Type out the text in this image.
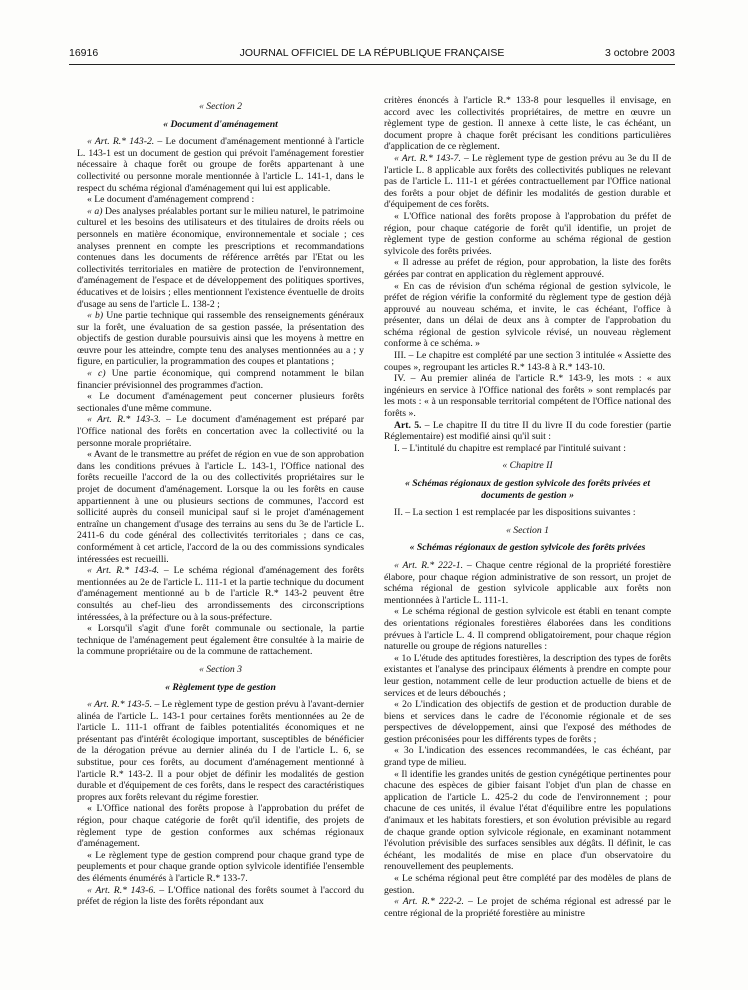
16916	JOURNAL OFFICIEL DE LA RÉPUBLIQUE FRANÇAISE	3 octobre 2003

« Section 2

« Document d'aménagement

« Art. R.* 143-2. – Le document d'aménagement mentionné à l'article L. 143-1 est un document de gestion qui prévoit l'aménagement forestier nécessaire à chaque forêt ou groupe de forêts appartenant à une collectivité ou personne morale mentionnée à l'article L. 141-1, dans le respect du schéma régional d'aménagement qui lui est applicable.

« Le document d'aménagement comprend :

« a) Des analyses préalables portant sur le milieu naturel, le patrimoine culturel et les besoins des utilisateurs et des titulaires de droits réels ou personnels en matière économique, environnementale et sociale ; ces analyses prennent en compte les prescriptions et recommandations contenues dans les documents de référence arrêtés par l'Etat ou les collectivités territoriales en matière de protection de l'environnement, d'aménagement de l'espace et de développement des politiques sportives, éducatives et de loisirs ; elles mentionnent l'existence éventuelle de droits d'usage au sens de l'article L. 138-2 ;

« b) Une partie technique qui rassemble des renseignements généraux sur la forêt, une évaluation de sa gestion passée, la présentation des objectifs de gestion durable poursuivis ainsi que les moyens à mettre en œuvre pour les atteindre, compte tenu des analyses mentionnées au a ; y figure, en particulier, la programmation des coupes et plantations ;

« c) Une partie économique, qui comprend notamment le bilan financier prévisionnel des programmes d'action.

« Le document d'aménagement peut concerner plusieurs forêts sectionales d'une même commune.

« Art. R.* 143-3. – Le document d'aménagement est préparé par l'Office national des forêts en concertation avec la collectivité ou la personne morale propriétaire.

« Avant de le transmettre au préfet de région en vue de son approbation dans les conditions prévues à l'article L. 143-1, l'Office national des forêts recueille l'accord de la ou des collectivités propriétaires sur le projet de document d'aménagement. Lorsque la ou les forêts en cause appartiennent à une ou plusieurs sections de communes, l'accord est sollicité auprès du conseil municipal sauf si le projet d'aménagement entraîne un changement d'usage des terrains au sens du 3e de l'article L. 2411-6 du code général des collectivités territoriales ; dans ce cas, conformément à cet article, l'accord de la ou des commissions syndicales intéressées est recueilli.

« Art. R.* 143-4. – Le schéma régional d'aménagement des forêts mentionnées au 2e de l'article L. 111-1 et la partie technique du document d'aménagement mentionné au b de l'article R.* 143-2 peuvent être consultés au chef-lieu des arrondissements des circonscriptions intéressées, à la préfecture ou à la sous-préfecture.

« Lorsqu'il s'agit d'une forêt communale ou sectionale, la partie technique de l'aménagement peut également être consultée à la mairie de la commune propriétaire ou de la commune de rattachement.

« Section 3

« Règlement type de gestion

« Art. R.* 143-5. – Le règlement type de gestion prévu à l'avant-dernier alinéa de l'article L. 143-1 pour certaines forêts mentionnées au 2e de l'article L. 111-1 offrant de faibles potentialités économiques et ne présentant pas d'intérêt écologique important, susceptibles de bénéficier de la dérogation prévue au dernier alinéa du I de l'article L. 6, se substitue, pour ces forêts, au document d'aménagement mentionné à l'article R.* 143-2. Il a pour objet de définir les modalités de gestion durable et d'équipement de ces forêts, dans le respect des caractéristiques propres aux forêts relevant du régime forestier.

« L'Office national des forêts propose à l'approbation du préfet de région, pour chaque catégorie de forêt qu'il identifie, des projets de règlement type de gestion conformes aux schémas régionaux d'aménagement.

« Le règlement type de gestion comprend pour chaque grand type de peuplements et pour chaque grande option sylvicole identifiée l'ensemble des éléments énumérés à l'article R.* 133-7.

« Art. R.* 143-6. – L'Office national des forêts soumet à l'accord du préfet de région la liste des forêts répondant aux

critères énoncés à l'article R.* 133-8 pour lesquelles il envisage, en accord avec les collectivités propriétaires, de mettre en œuvre un règlement type de gestion. Il annexe à cette liste, le cas échéant, un document propre à chaque forêt précisant les conditions particulières d'application de ce règlement.

« Art. R.* 143-7. – Le règlement type de gestion prévu au 3e du II de l'article L. 8 applicable aux forêts des collectivités publiques ne relevant pas de l'article L. 111-1 et gérées contractuellement par l'Office national des forêts a pour objet de définir les modalités de gestion durable et d'équipement de ces forêts.

« L'Office national des forêts propose à l'approbation du préfet de région, pour chaque catégorie de forêt qu'il identifie, un projet de règlement type de gestion conforme au schéma régional de gestion sylvicole des forêts privées.

« Il adresse au préfet de région, pour approbation, la liste des forêts gérées par contrat en application du règlement approuvé.

« En cas de révision d'un schéma régional de gestion sylvicole, le préfet de région vérifie la conformité du règlement type de gestion déjà approuvé au nouveau schéma, et invite, le cas échéant, l'office à présenter, dans un délai de deux ans à compter de l'approbation du schéma régional de gestion sylvicole révisé, un nouveau règlement conforme à ce schéma. »

III. – Le chapitre est complété par une section 3 intitulée « Assiette des coupes », regroupant les articles R.* 143-8 à R.* 143-10.

IV. – Au premier alinéa de l'article R.* 143-9, les mots : « aux ingénieurs en service à l'Office national des forêts » sont remplacés par les mots : « à un responsable territorial compétent de l'Office national des forêts ».

Art. 5. – Le chapitre II du titre II du livre II du code forestier (partie Réglementaire) est modifié ainsi qu'il suit :

I. – L'intitulé du chapitre est remplacé par l'intitulé suivant :

« Chapitre II

« Schémas régionaux de gestion sylvicole des forêts privées et documents de gestion »

II. – La section 1 est remplacée par les dispositions suivantes :

« Section 1

« Schémas régionaux de gestion sylvicole des forêts privées

« Art. R.* 222-1. – Chaque centre régional de la propriété forestière élabore, pour chaque région administrative de son ressort, un projet de schéma régional de gestion sylvicole applicable aux forêts non mentionnées à l'article L. 111-1.

« Le schéma régional de gestion sylvicole est établi en tenant compte des orientations régionales forestières élaborées dans les conditions prévues à l'article L. 4. Il comprend obligatoirement, pour chaque région naturelle ou groupe de régions naturelles :

« 1o L'étude des aptitudes forestières, la description des types de forêts existantes et l'analyse des principaux éléments à prendre en compte pour leur gestion, notamment celle de leur production actuelle de biens et de services et de leurs débouchés ;

« 2o L'indication des objectifs de gestion et de production durable de biens et services dans le cadre de l'économie régionale et de ses perspectives de développement, ainsi que l'exposé des méthodes de gestion préconisées pour les différents types de forêts ;

« 3o L'indication des essences recommandées, le cas échéant, par grand type de milieu.

« Il identifie les grandes unités de gestion cynégétique pertinentes pour chacune des espèces de gibier faisant l'objet d'un plan de chasse en application de l'article L. 425-2 du code de l'environnement ; pour chacune de ces unités, il évalue l'état d'équilibre entre les populations d'animaux et les habitats forestiers, et son évolution prévisible au regard de chaque grande option sylvicole régionale, en examinant notamment l'évolution prévisible des surfaces sensibles aux dégâts. Il définit, le cas échéant, les modalités de mise en place d'un observatoire du renouvellement des peuplements.

« Le schéma régional peut être complété par des modèles de plans de gestion.

« Art. R.* 222-2. – Le projet de schéma régional est adressé par le centre régional de la propriété forestière au ministre
